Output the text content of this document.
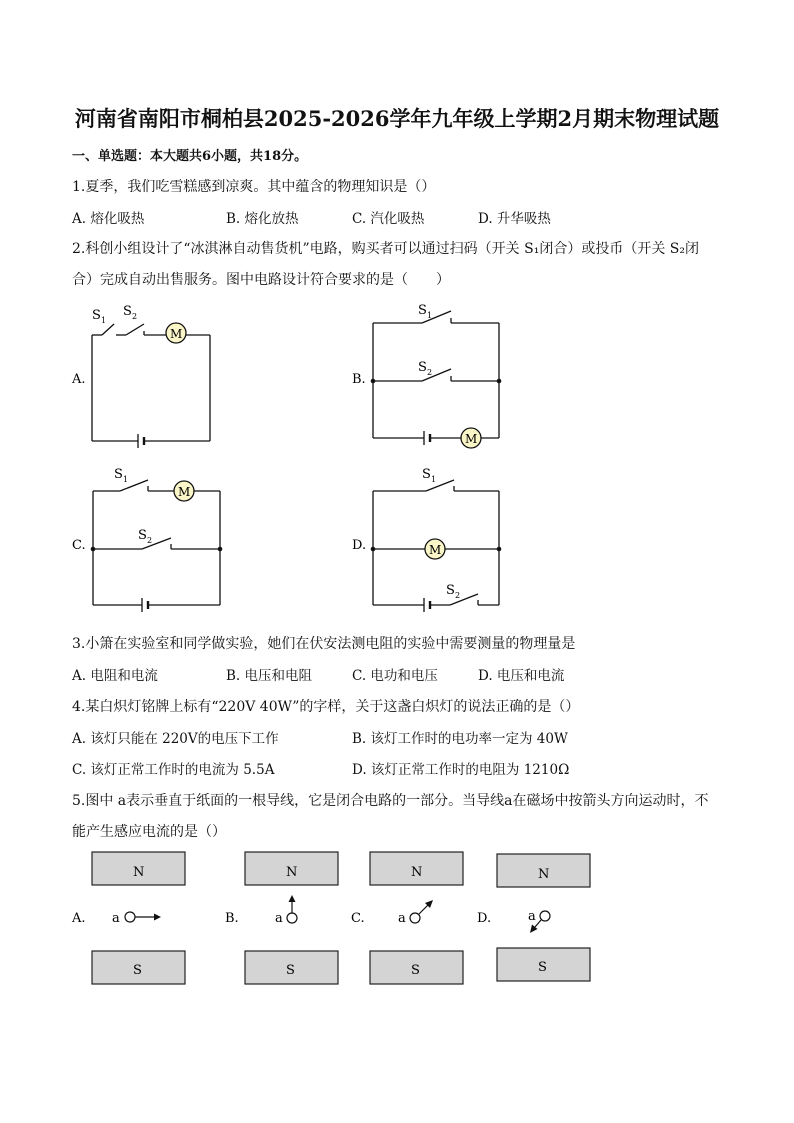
河南省南阳市桐柏县2025-2026学年九年级上学期2月期末物理试题
一、单选题：本大题共6小题，共18分。
1.夏季，我们吃雪糕感到凉爽。其中蕴含的物理知识是（）
A. 熔化吸热	B. 熔化放热	C. 汽化吸热	D. 升华吸热
2.科创小组设计了“冰淇淋自动售货机”电路，购买者可以通过扫码（开关 S₁闭合）或投币（开关 S₂闭
合）完成自动出售服务。图中电路设计符合要求的是（　　）
A.
S 1
S 2
M
B.
S 1
S 2
M
C.
S 1
S 2
M
D.
S 1
S 2
M
3.小箫在实验室和同学做实验，她们在伏安法测电阻的实验中需要测量的物理量是
A. 电阻和电流	B. 电压和电阻	C. 电功和电压	D. 电压和电流
4.某白炽灯铭牌上标有“220V 40W”的字样，关于这盏白炽灯的说法正确的是（）
A. 该灯只能在 220V的电压下工作	B. 该灯工作时的电功率一定为 40W
C. 该灯正常工作时的电流为 5.5A	D. 该灯正常工作时的电阻为 1210Ω
5.图中 a表示垂直于纸面的一根导线，它是闭合电路的一部分。当导线a在磁场中按箭头方向运动时，不
能产生感应电流的是（）
N
A. a
S
N
B.	a
S
N
C.	a
S
N
D.	a
S
